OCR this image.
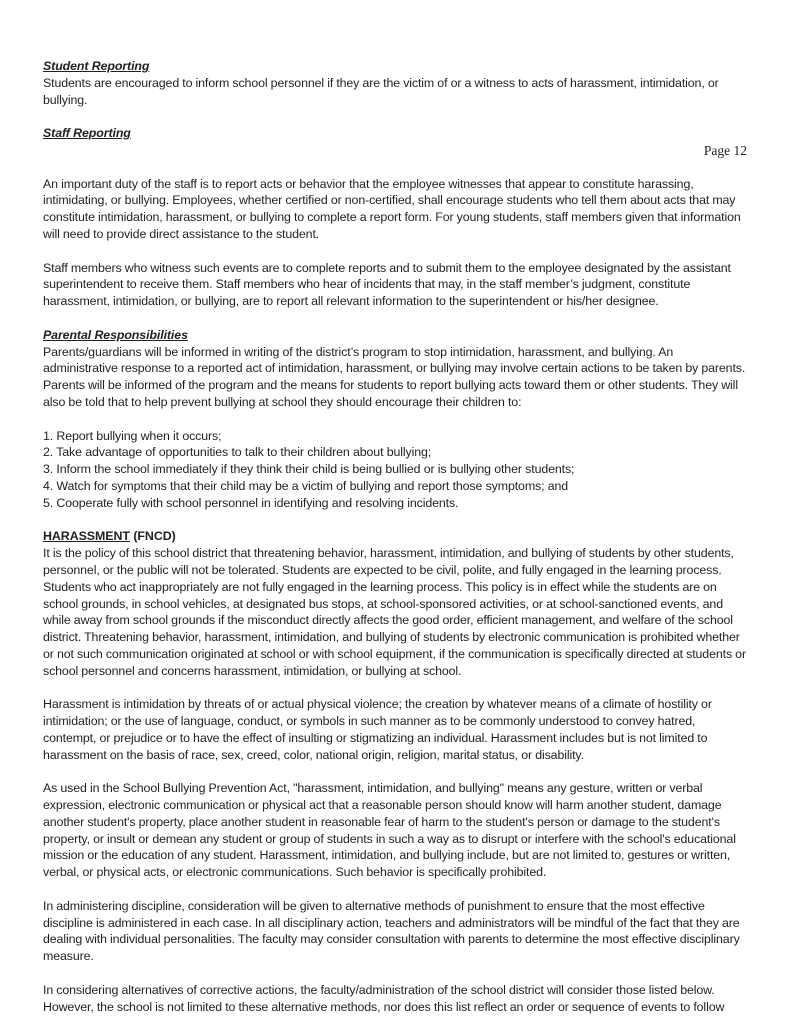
Page 12
Student Reporting

Students are encouraged to inform school personnel if they are the victim of or a witness to acts of harassment, intimidation, or bullying.

Staff Reporting

An important duty of the staff is to report acts or behavior that the employee witnesses that appear to constitute harassing, intimidating, or bullying. Employees, whether certified or non-certified, shall encourage students who tell them about acts that may constitute intimidation, harassment, or bullying to complete a report form. For young students, staff members given that information will need to provide direct assistance to the student.

Staff members who witness such events are to complete reports and to submit them to the employee designated by the assistant superintendent to receive them. Staff members who hear of incidents that may, in the staff member’s judgment, constitute harassment, intimidation, or bullying, are to report all relevant information to the superintendent or his/her designee.

Parental Responsibilities

Parents/guardians will be informed in writing of the district’s program to stop intimidation, harassment, and bullying. An administrative response to a reported act of intimidation, harassment, or bullying may involve certain actions to be taken by parents. Parents will be informed of the program and the means for students to report bullying acts toward them or other students. They will also be told that to help prevent bullying at school they should encourage their children to:

1. Report bullying when it occurs;
2. Take advantage of opportunities to talk to their children about bullying;
3. Inform the school immediately if they think their child is being bullied or is bullying other students;
4. Watch for symptoms that their child may be a victim of bullying and report those symptoms; and
5. Cooperate fully with school personnel in identifying and resolving incidents.
HARASSMENT (FNCD)

It is the policy of this school district that threatening behavior, harassment, intimidation, and bullying of students by other students, personnel, or the public will not be tolerated. Students are expected to be civil, polite, and fully engaged in the learning process. Students who act inappropriately are not fully engaged in the learning process. This policy is in effect while the students are on school grounds, in school vehicles, at designated bus stops, at school-sponsored activities, or at school-sanctioned events, and while away from school grounds if the misconduct directly affects the good order, efficient management, and welfare of the school district. Threatening behavior, harassment, intimidation, and bullying of students by electronic communication is prohibited whether or not such communication originated at school or with school equipment, if the communication is specifically directed at students or school personnel and concerns harassment, intimidation, or bullying at school.

Harassment is intimidation by threats of or actual physical violence; the creation by whatever means of a climate of hostility or intimidation; or the use of language, conduct, or symbols in such manner as to be commonly understood to convey hatred, contempt, or prejudice or to have the effect of insulting or stigmatizing an individual. Harassment includes but is not limited to harassment on the basis of race, sex, creed, color, national origin, religion, marital status, or disability.

As used in the School Bullying Prevention Act, "harassment, intimidation, and bullying" means any gesture, written or verbal expression, electronic communication or physical act that a reasonable person should know will harm another student, damage another student's property, place another student in reasonable fear of harm to the student's person or damage to the student's property, or insult or demean any student or group of students in such a way as to disrupt or interfere with the school's educational mission or the education of any student. Harassment, intimidation, and bullying include, but are not limited to, gestures or written, verbal, or physical acts, or electronic communications. Such behavior is specifically prohibited.

In administering discipline, consideration will be given to alternative methods of punishment to ensure that the most effective discipline is administered in each case. In all disciplinary action, teachers and administrators will be mindful of the fact that they are dealing with individual personalities. The faculty may consider consultation with parents to determine the most effective disciplinary measure.

In considering alternatives of corrective actions, the faculty/administration of the school district will consider those listed below. However, the school is not limited to these alternative methods, nor does this list reflect an order or sequence of events to follow
